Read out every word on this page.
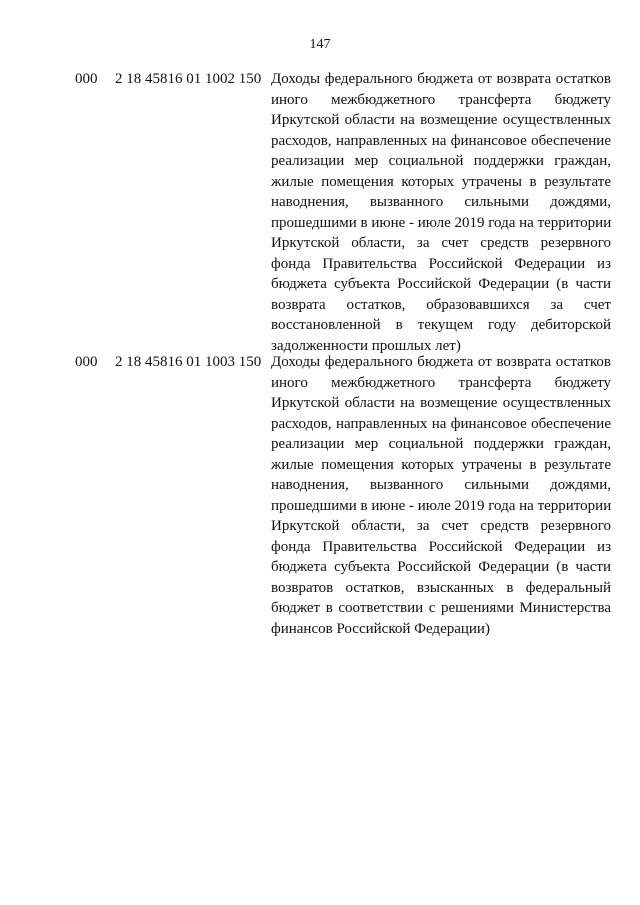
147
000 2 18 45816 01 1002 150 Доходы федерального бюджета от возврата остатков
иного межбюджетного трансферта бюджету
Иркутской области на возмещение осуществленных
расходов, направленных на финансовое обеспечение
реализации мер социальной поддержки граждан,
жилые помещения которых утрачены в результате
наводнения, вызванного сильными дождями,
прошедшими в июне - июле 2019 года на территории
Иркутской области, за счет средств резервного
фонда Правительства Российской Федерации из
бюджета субъекта Российской Федерации (в части
возврата остатков, образовавшихся за счет
восстановленной в текущем году дебиторской
задолженности прошлых лет)
000 2 18 45816 01 1003 150 Доходы федерального бюджета от возврата остатков
иного межбюджетного трансферта бюджету
Иркутской области на возмещение осуществленных
расходов, направленных на финансовое обеспечение
реализации мер социальной поддержки граждан,
жилые помещения которых утрачены в результате
наводнения, вызванного сильными дождями,
прошедшими в июне - июле 2019 года на территории
Иркутской области, за счет средств резервного
фонда Правительства Российской Федерации из
бюджета субъекта Российской Федерации (в части
возвратов остатков, взысканных в федеральный
бюджет в соответствии с решениями Министерства
финансов Российской Федерации)
